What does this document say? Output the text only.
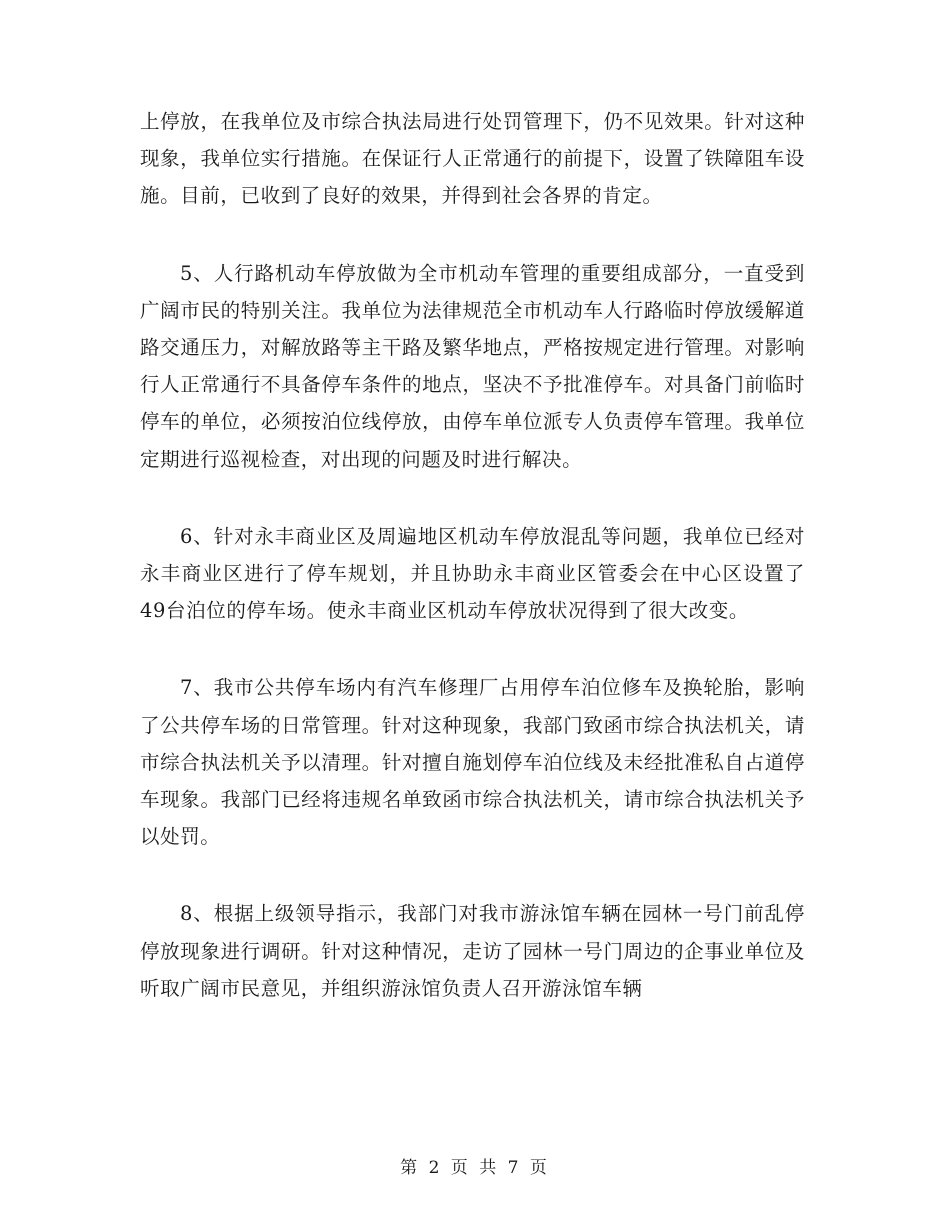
上停放，在我单位及市综合执法局进行处罚管理下，仍不见效果。针对这种现象，我单位实行措施。在保证行人正常通行的前提下，设置了铁障阻车设施。目前，已收到了良好的效果，并得到社会各界的肯定。

5、人行路机动车停放做为全市机动车管理的重要组成部分，一直受到广阔市民的特别关注。我单位为法律规范全市机动车人行路临时停放缓解道路交通压力，对解放路等主干路及繁华地点，严格按规定进行管理。对影响行人正常通行不具备停车条件的地点，坚决不予批准停车。对具备门前临时停车的单位，必须按泊位线停放，由停车单位派专人负责停车管理。我单位定期进行巡视检查，对出现的问题及时进行解决。

6、针对永丰商业区及周遍地区机动车停放混乱等问题，我单位已经对永丰商业区进行了停车规划，并且协助永丰商业区管委会在中心区设置了49台泊位的停车场。使永丰商业区机动车停放状况得到了很大改变。

7、我市公共停车场内有汽车修理厂占用停车泊位修车及换轮胎，影响了公共停车场的日常管理。针对这种现象，我部门致函市综合执法机关，请市综合执法机关予以清理。针对擅自施划停车泊位线及未经批准私自占道停车现象。我部门已经将违规名单致函市综合执法机关，请市综合执法机关予以处罚。

8、根据上级领导指示，我部门对我市游泳馆车辆在园林一号门前乱停停放现象进行调研。针对这种情况，走访了园林一号门周边的企事业单位及听取广阔市民意见，并组织游泳馆负责人召开游泳馆车辆

第 2 页 共 7 页
